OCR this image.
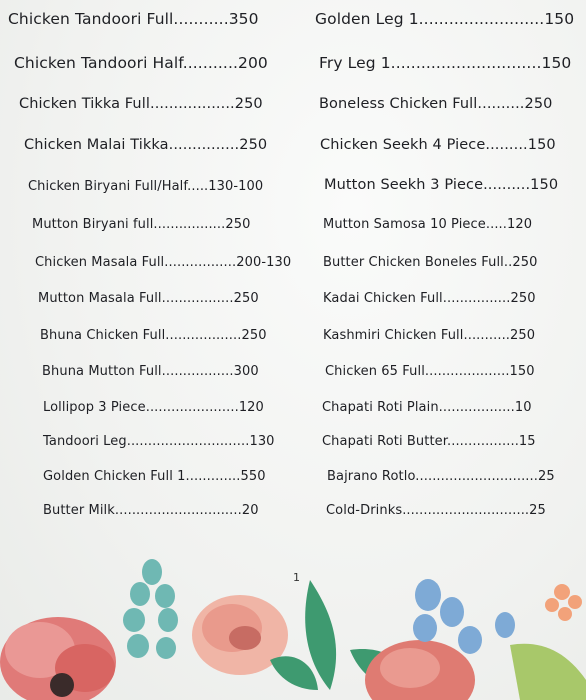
Chicken Tandoori Full...........350
Chicken Tandoori Half...........200
Chicken Tikka Full..................250
Chicken Malai Tikka...............250
Chicken Biryani Full/Half.....130-100
Mutton Biryani full.................250
Chicken Masala Full.................200-130
Mutton Masala Full.................250
Bhuna Chicken Full..................250
Bhuna Mutton Full.................300
Lollipop 3 Piece......................120
Tandoori Leg.............................130
Golden Chicken Full 1.............550
Butter Milk..............................20
Golden Leg 1.........................150
Fry Leg 1..............................150
Boneless Chicken Full..........250
Chicken Seekh 4 Piece.........150
Mutton Seekh 3 Piece..........150
Mutton Samosa 10 Piece.....120
Butter Chicken Boneles Full..250
Kadai Chicken Full................250
Kashmiri Chicken Full...........250
Chicken 65 Full....................150
Chapati Roti Plain..................10
Chapati Roti Butter.................15
Bajrano Rotlo.............................25
Cold-Drinks..............................25
1
